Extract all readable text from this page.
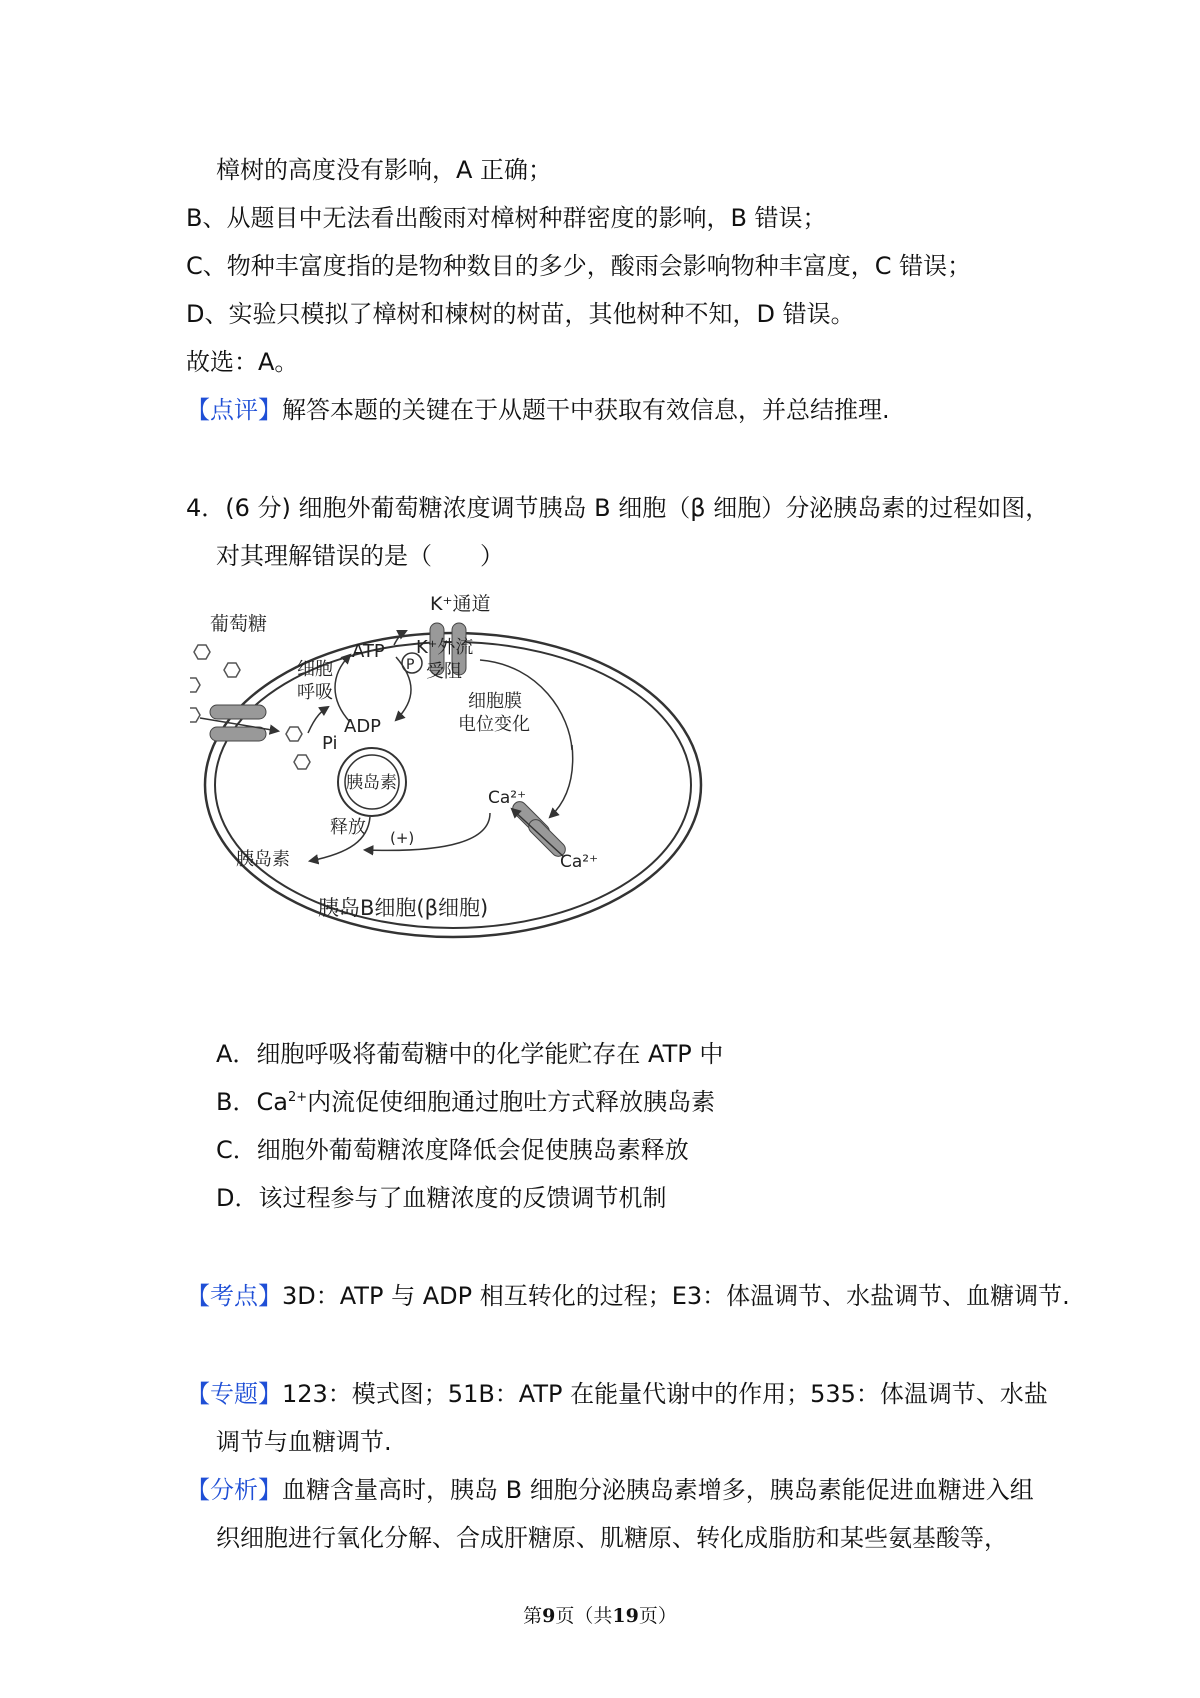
樟树的高度没有影响，A 正确；
B、从题目中无法看出酸雨对樟树种群密度的影响，B 错误；
C、物种丰富度指的是物种数目的多少，酸雨会影响物种丰富度，C 错误；
D、实验只模拟了樟树和楝树的树苗，其他树种不知，D 错误。
故选：A。
【点评】解答本题的关键在于从题干中获取有效信息，并总结推理.
4．(6 分) 细胞外葡萄糖浓度调节胰岛 B 细胞（β 细胞）分泌胰岛素的过程如图，
对其理解错误的是（　　）
K⁺通道
P
葡萄糖
细胞
呼吸
ATP
ADP
Pi
K⁺外流
受阻
细胞膜
电位变化
Ca²⁺
Ca²⁺
胰岛素
(+)
释放
胰岛素
胰岛B细胞(β细胞)
A．细胞呼吸将葡萄糖中的化学能贮存在 ATP 中
B．$Ca^{2+}$内流促使细胞通过胞吐方式释放胰岛素
C．细胞外葡萄糖浓度降低会促使胰岛素释放
D．该过程参与了血糖浓度的反馈调节机制
【考点】3D：ATP 与 ADP 相互转化的过程；E3：体温调节、水盐调节、血糖调节.
【专题】123：模式图；51B：ATP 在能量代谢中的作用；535：体温调节、水盐
调节与血糖调节.
【分析】血糖含量高时，胰岛 B 细胞分泌胰岛素增多，胰岛素能促进血糖进入组
织细胞进行氧化分解、合成肝糖原、肌糖原、转化成脂肪和某些氨基酸等，
第9页（共19页）
